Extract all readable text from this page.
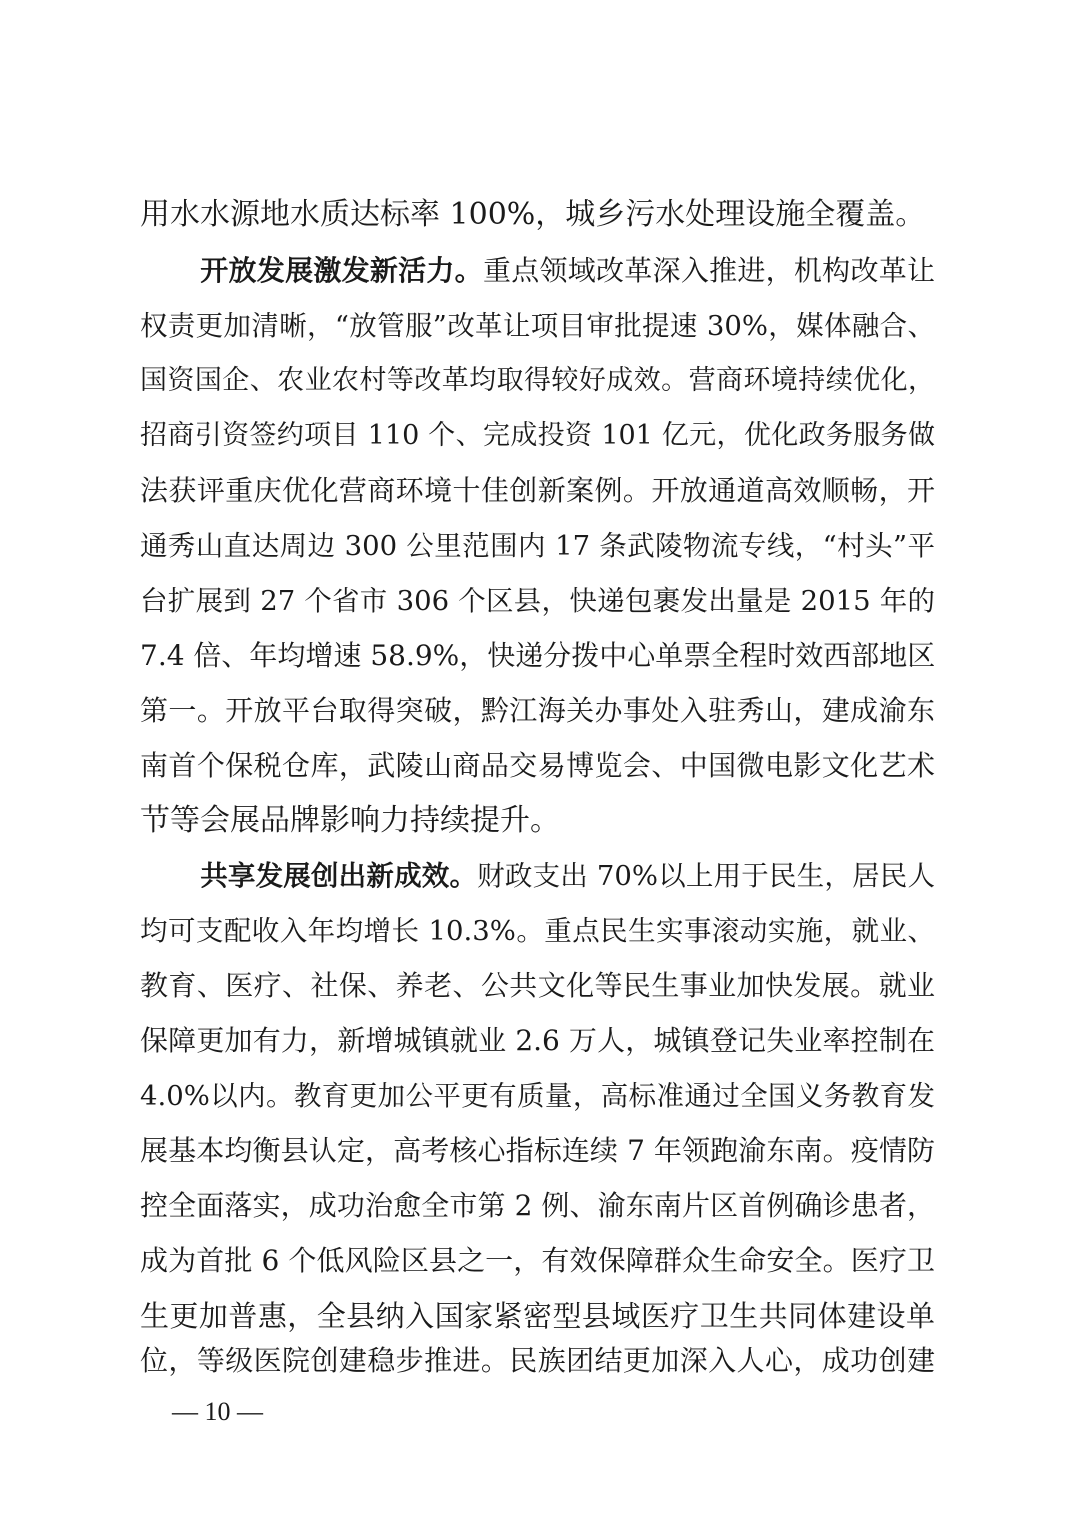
用水水源地水质达标率 100%，城乡污水处理设施全覆盖。
开放发展激发新活力。重点领域改革深入推进，机构改革让
权责更加清晰，“放管服”改革让项目审批提速 30%，媒体融合、
国资国企、农业农村等改革均取得较好成效。营商环境持续优化，
招商引资签约项目 110 个、完成投资 101 亿元，优化政务服务做
法获评重庆优化营商环境十佳创新案例。开放通道高效顺畅，开
通秀山直达周边 300 公里范围内 17 条武陵物流专线，“村头”平
台扩展到 27 个省市 306 个区县，快递包裹发出量是 2015 年的
7.4 倍、年均增速 58.9%，快递分拨中心单票全程时效西部地区
第一。开放平台取得突破，黔江海关办事处入驻秀山，建成渝东
南首个保税仓库，武陵山商品交易博览会、中国微电影文化艺术
节等会展品牌影响力持续提升。
共享发展创出新成效。财政支出 70%以上用于民生，居民人
均可支配收入年均增长 10.3%。重点民生实事滚动实施，就业、
教育、医疗、社保、养老、公共文化等民生事业加快发展。就业
保障更加有力，新增城镇就业 2.6 万人，城镇登记失业率控制在
4.0%以内。教育更加公平更有质量，高标准通过全国义务教育发
展基本均衡县认定，高考核心指标连续 7 年领跑渝东南。疫情防
控全面落实，成功治愈全市第 2 例、渝东南片区首例确诊患者，
成为首批 6 个低风险区县之一，有效保障群众生命安全。医疗卫
生更加普惠，全县纳入国家紧密型县域医疗卫生共同体建设单
位，等级医院创建稳步推进。民族团结更加深入人心，成功创建
— 10 —
